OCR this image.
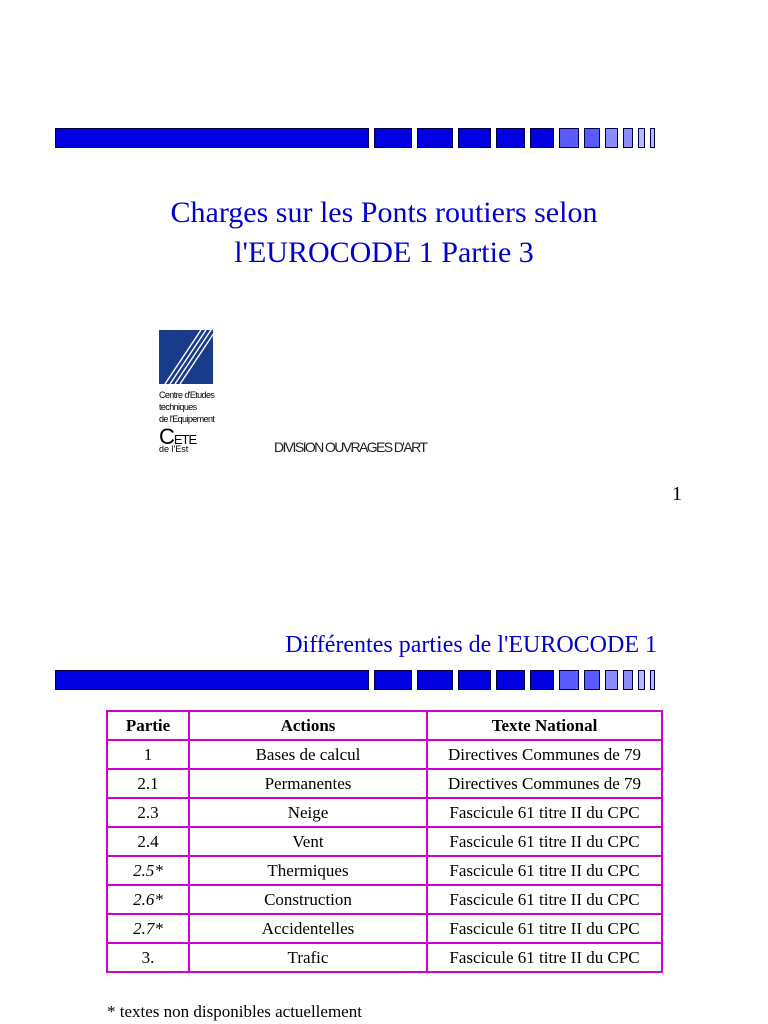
Charges sur les Ponts routiers selon
l'EUROCODE 1 Partie 3
Centre d'Etudes
techniques
de l'Equipement
CETE
de l'Est	DIVISION OUVRAGES D'ART
1
Différentes parties de l'EUROCODE 1
Partie	Actions	Texte National
1	Bases de calcul	Directives Communes de 79
2.1	Permanentes	Directives Communes de 79
2.3	Neige	Fascicule 61 titre II du CPC
2.4	Vent	Fascicule 61 titre II du CPC
2.5*	Thermiques	Fascicule 61 titre II du CPC
2.6*	Construction	Fascicule 61 titre II du CPC
2.7*	Accidentelles	Fascicule 61 titre II du CPC
3.	Trafic	Fascicule 61 titre II du CPC
* textes non disponibles actuellement
